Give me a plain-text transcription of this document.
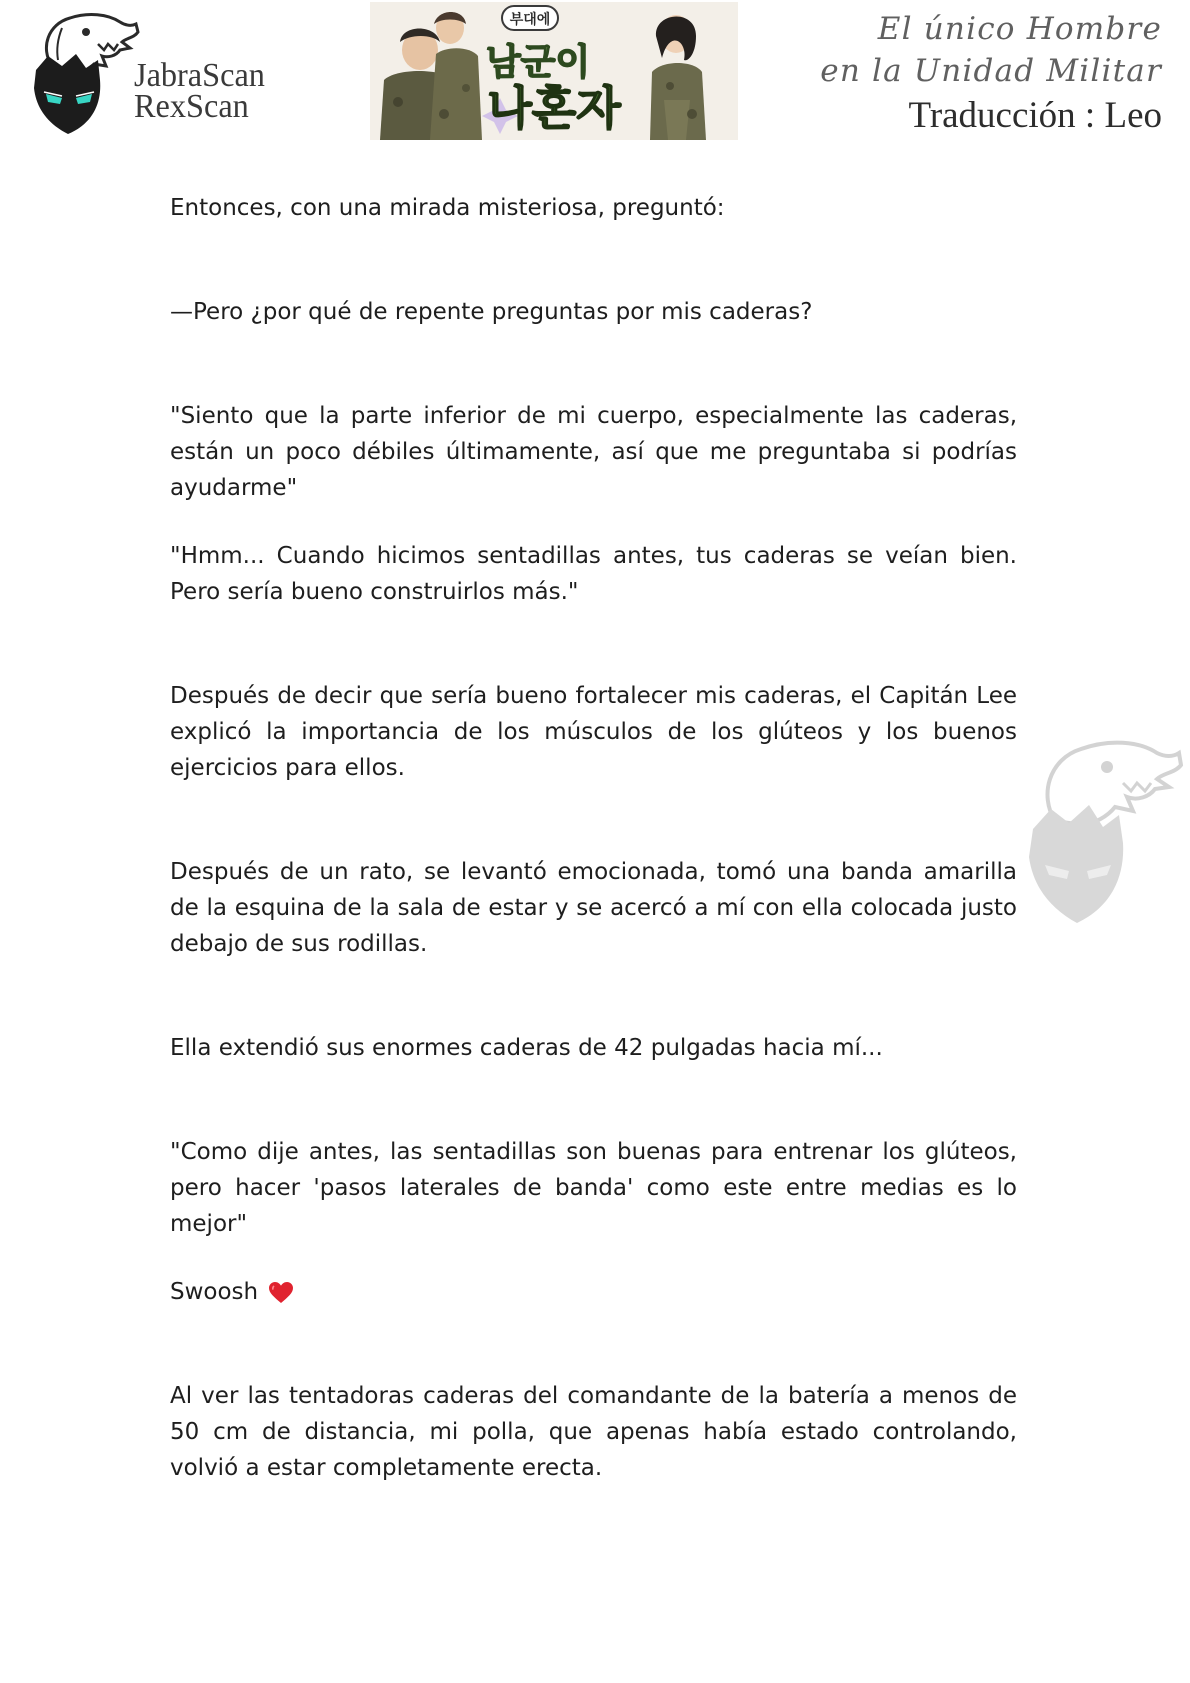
JabraScan
RexScan
부대에
남군이
나혼자
El único Hombre
en la Unidad Militar
Traducción : Leo

Entonces, con una mirada misteriosa, preguntó:

—Pero ¿por qué de repente preguntas por mis caderas?

"Siento que la parte inferior de mi cuerpo, especialmente las caderas, están un poco débiles últimamente, así que me preguntaba si podrías ayudarme"

"Hmm... Cuando hicimos sentadillas antes, tus caderas se veían bien. Pero sería bueno construirlos más."

Después de decir que sería bueno fortalecer mis caderas, el Capitán Lee explicó la importancia de los músculos de los glúteos y los buenos ejercicios para ellos.

Después de un rato, se levantó emocionada, tomó una banda amarilla de la esquina de la sala de estar y se acercó a mí con ella colocada justo debajo de sus rodillas.

Ella extendió sus enormes caderas de 42 pulgadas hacia mí...

"Como dije antes, las sentadillas son buenas para entrenar los glúteos, pero hacer 'pasos laterales de banda' como este entre medias es lo mejor"

Swoosh

Al ver las tentadoras caderas del comandante de la batería a menos de 50 cm de distancia, mi polla, que apenas había estado controlando, volvió a estar completamente erecta.
